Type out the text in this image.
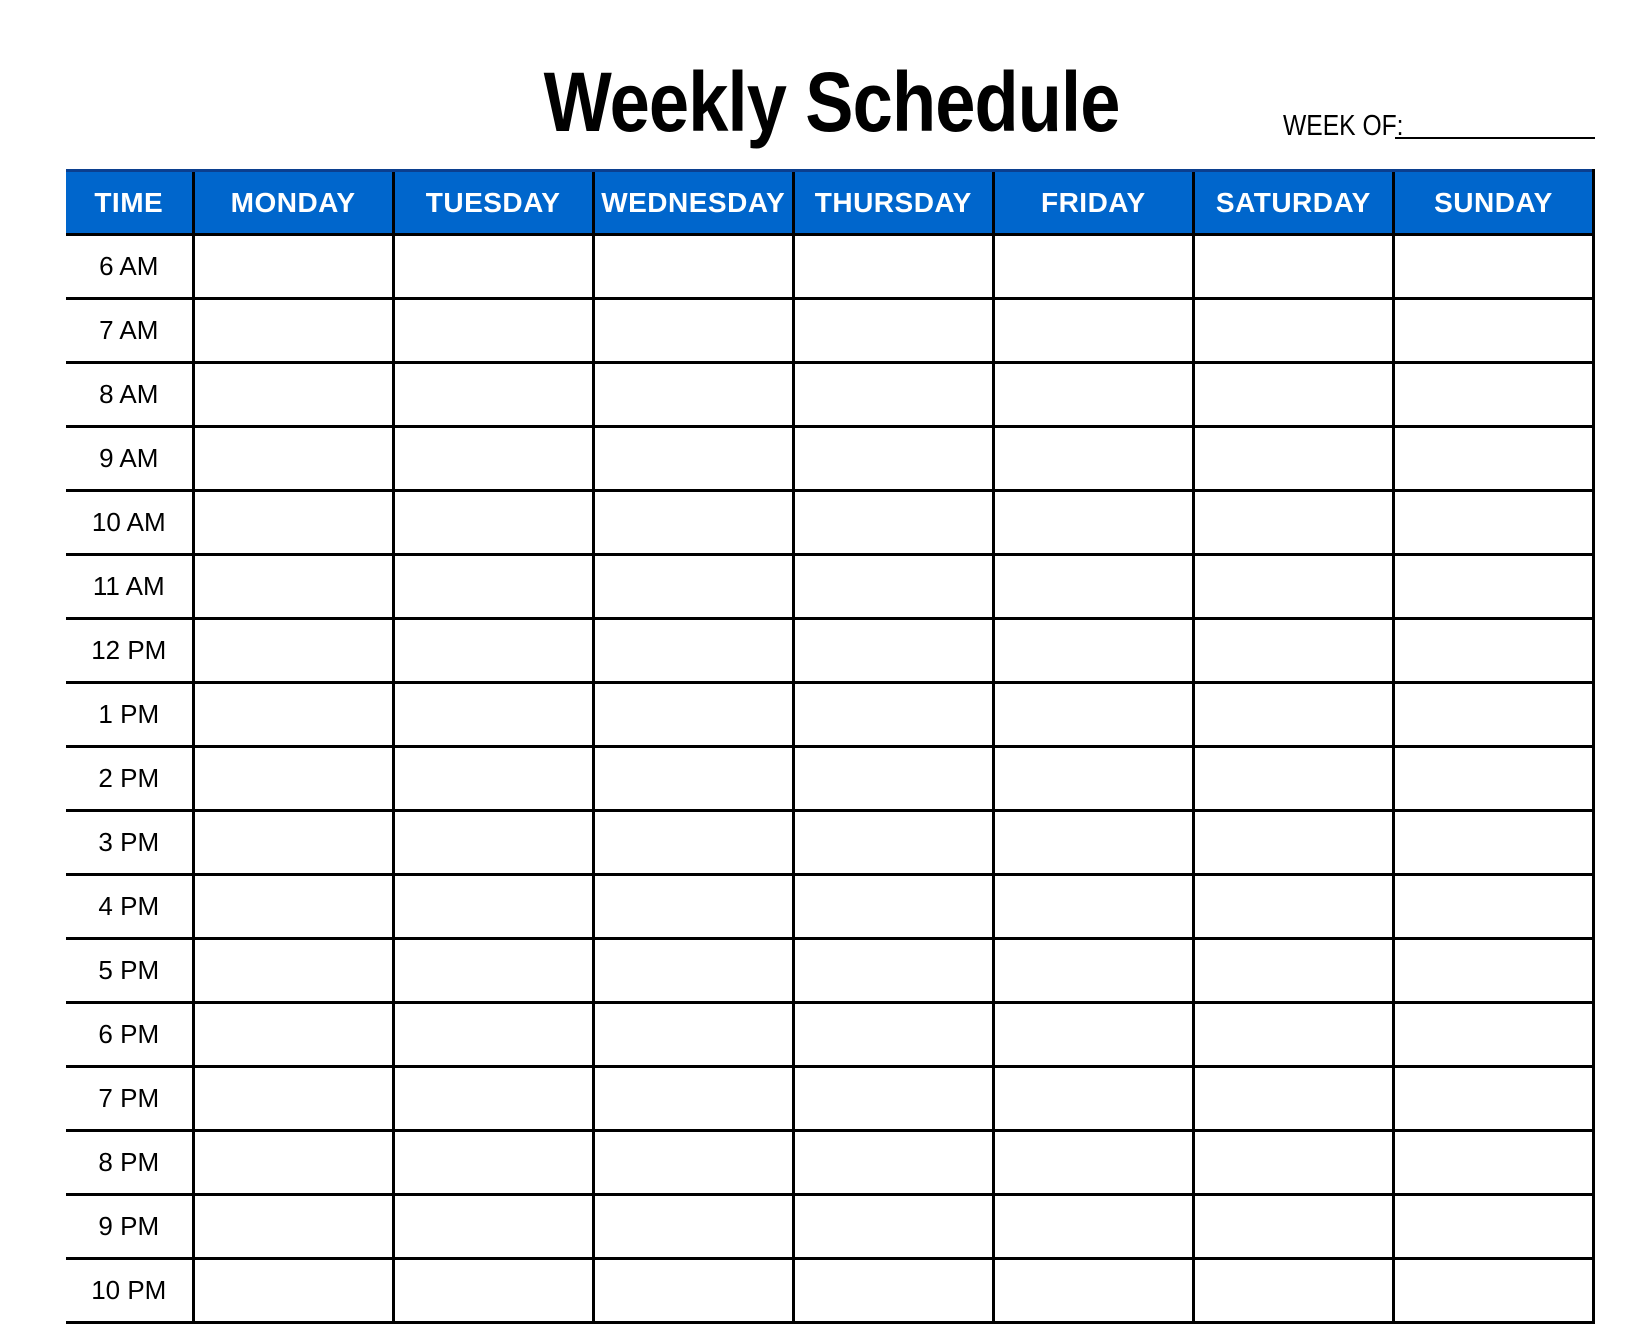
Weekly Schedule	WEEK OF:
TIME	MONDAY	TUESDAY	WEDNESDAY	THURSDAY	FRIDAY	SATURDAY	SUNDAY
6 AM							
7 AM							
8 AM							
9 AM							
10 AM							
11 AM							
12 PM							
1 PM							
2 PM							
3 PM							
4 PM							
5 PM							
6 PM							
7 PM							
8 PM							
9 PM							
10 PM							
